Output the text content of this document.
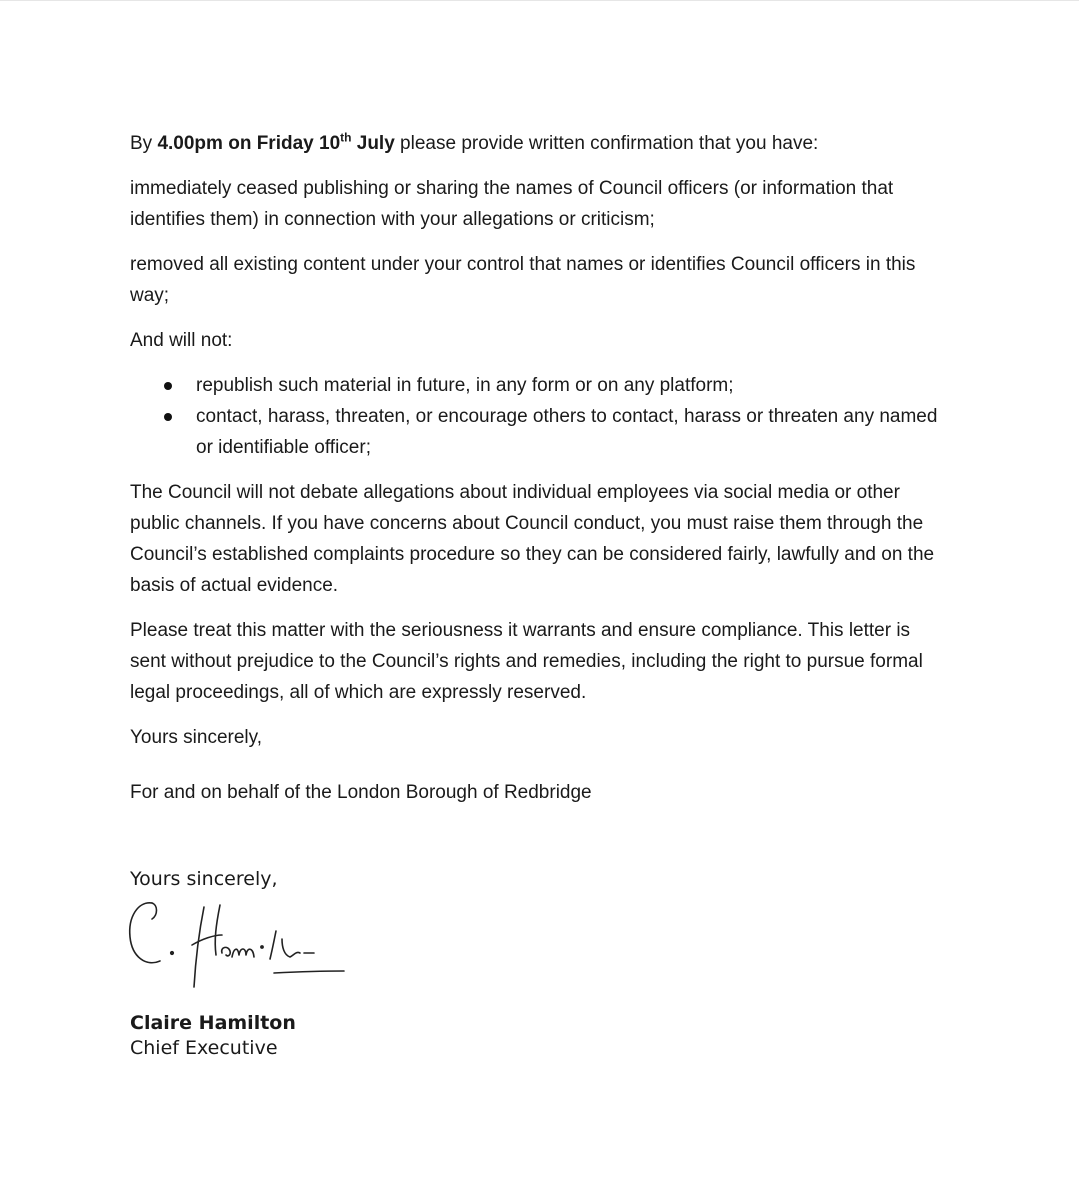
By 4.00pm on Friday 10th July please provide written confirmation that you have:

immediately ceased publishing or sharing the names of Council officers (or information that identifies them) in connection with your allegations or criticism;

removed all existing content under your control that names or identifies Council officers in this way;

And will not:

republish such material in future, in any form or on any platform;
contact, harass, threaten, or encourage others to contact, harass or threaten any named or identifiable officer;

The Council will not debate allegations about individual employees via social media or other public channels. If you have concerns about Council conduct, you must raise them through the Council’s established complaints procedure so they can be considered fairly, lawfully and on the basis of actual evidence.

Please treat this matter with the seriousness it warrants and ensure compliance. This letter is sent without prejudice to the Council’s rights and remedies, including the right to pursue formal legal proceedings, all of which are expressly reserved.

Yours sincerely,

For and on behalf of the London Borough of Redbridge

Yours sincerely,
Claire Hamilton
Chief Executive
